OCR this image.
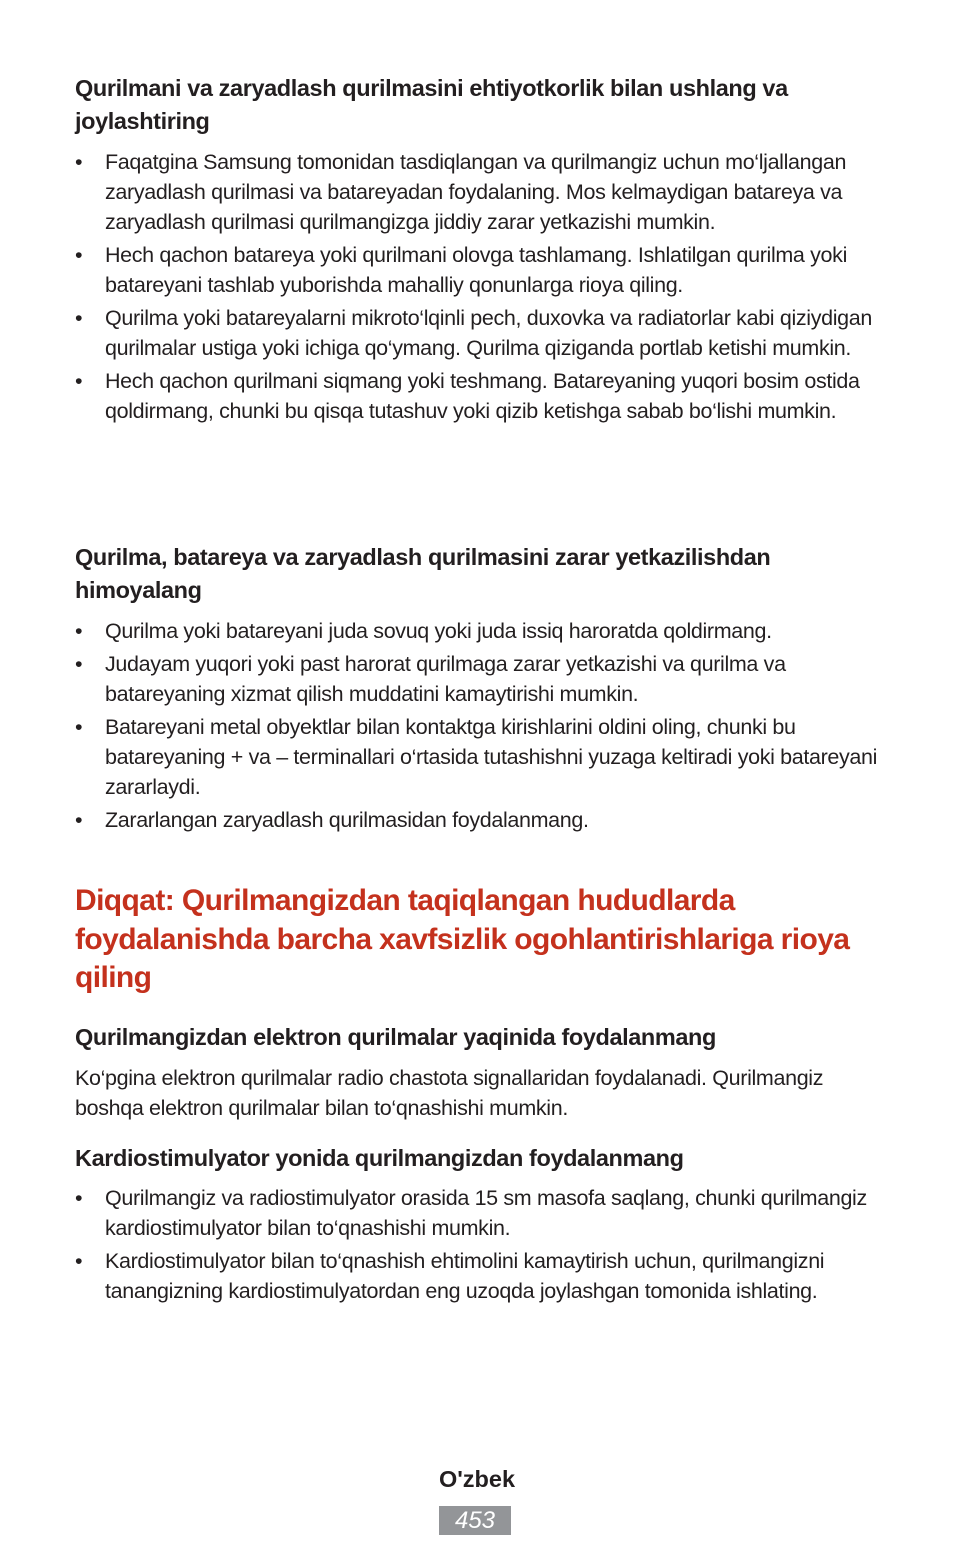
Qurilmani va zaryadlash qurilmasini ehtiyotkorlik bilan ushlang va joylashtiring
• Faqatgina Samsung tomonidan tasdiqlangan va qurilmangiz uchun mo‘ljallangan zaryadlash qurilmasi va batareyadan foydalaning. Mos kelmaydigan batareya va zaryadlash qurilmasi qurilmangizga jiddiy zarar yetkazishi mumkin.
• Hech qachon batareya yoki qurilmani olovga tashlamang. Ishlatilgan qurilma yoki batareyani tashlab yuborishda mahalliy qonunlarga rioya qiling.
• Qurilma yoki batareyalarni mikroto‘lqinli pech, duxovka va radiatorlar kabi qiziydigan qurilmalar ustiga yoki ichiga qo‘ymang. Qurilma qiziganda portlab ketishi mumkin.
• Hech qachon qurilmani siqmang yoki teshmang. Batareyaning yuqori bosim ostida qoldirmang, chunki bu qisqa tutashuv yoki qizib ketishga sabab bo‘lishi mumkin.
Qurilma, batareya va zaryadlash qurilmasini zarar yetkazilishdan himoyalang
• Qurilma yoki batareyani juda sovuq yoki juda issiq haroratda qoldirmang.
• Judayam yuqori yoki past harorat qurilmaga zarar yetkazishi va qurilma va batareyaning xizmat qilish muddatini kamaytirishi mumkin.
• Batareyani metal obyektlar bilan kontaktga kirishlarini oldini oling, chunki bu batareyaning + va – terminallari o‘rtasida tutashishni yuzaga keltiradi yoki batareyani zararlaydi.
• Zararlangan zaryadlash qurilmasidan foydalanmang.
Diqqat: Qurilmangizdan taqiqlangan hududlarda foydalanishda barcha xavfsizlik ogohlantirishlariga rioya qiling
Qurilmangizdan elektron qurilmalar yaqinida foydalanmang

Ko‘pgina elektron qurilmalar radio chastota signallaridan foydalanadi. Qurilmangiz boshqa elektron qurilmalar bilan to‘qnashishi mumkin.

Kardiostimulyator yonida qurilmangizdan foydalanmang
• Qurilmangiz va radiostimulyator orasida 15 sm masofa saqlang, chunki qurilmangiz kardiostimulyator bilan to‘qnashishi mumkin.
• Kardiostimulyator bilan to‘qnashish ehtimolini kamaytirish uchun, qurilmangizni tanangizning kardiostimulyatordan eng uzoqda joylashgan tomonida ishlating.
O'zbek
453
